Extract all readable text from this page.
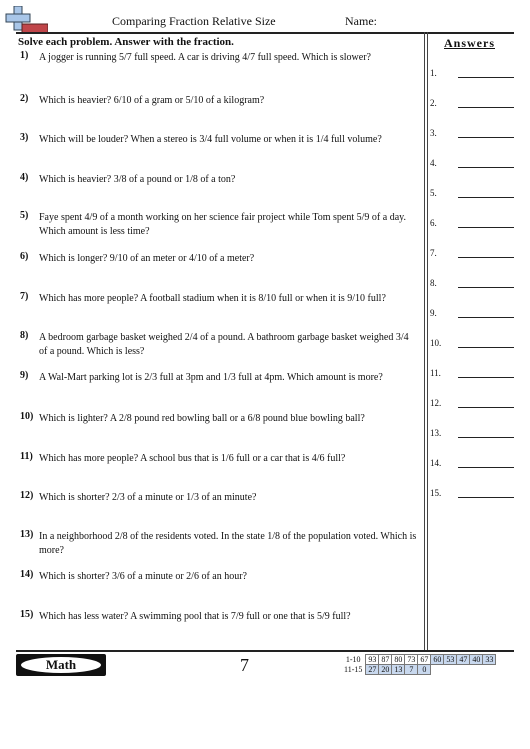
Comparing Fraction Relative Size	Name:
Solve each problem. Answer with the fraction.	Answers
1) A jogger is running 5/7 full speed. A car is driving 4/7 full speed. Which is slower?
2) Which is heavier? 6/10 of a gram or 5/10 of a kilogram?
3) Which will be louder? When a stereo is 3/4 full volume or when it is 1/4 full volume?
4) Which is heavier? 3/8 of a pound or 1/8 of a ton?
5) Faye spent 4/9 of a month working on her science fair project while Tom spent 5/9 of a day. Which amount is less time?
6) Which is longer? 9/10 of an meter or 4/10 of a meter?
7) Which has more people? A football stadium when it is 8/10 full or when it is 9/10 full?
8) A bedroom garbage basket weighed 2/4 of a pound. A bathroom garbage basket weighed 3/4 of a pound. Which is less?
9) A Wal-Mart parking lot is 2/3 full at 3pm and 1/3 full at 4pm. Which amount is more?
10) Which is lighter? A 2/8 pound red bowling ball or a 6/8 pound blue bowling ball?
11) Which has more people? A school bus that is 1/6 full or a car that is 4/6 full?
12) Which is shorter? 2/3 of a minute or 1/3 of an minute?
13) In a neighborhood 2/8 of the residents voted. In the state 1/8 of the population voted. Which is more?
14) Which is shorter? 3/6 of a minute or 2/6 of an hour?
15) Which has less water? A swimming pool that is 7/9 full or one that is 5/9 full?
1.
2.
3.
4.
5.
6.
7.
8.
9.
10.
11.
12.
13.
14.
15.
Math	7	1-10	93	87	80	73	67	60	53	47	40	33
11-15	27	20	13	7	0					
